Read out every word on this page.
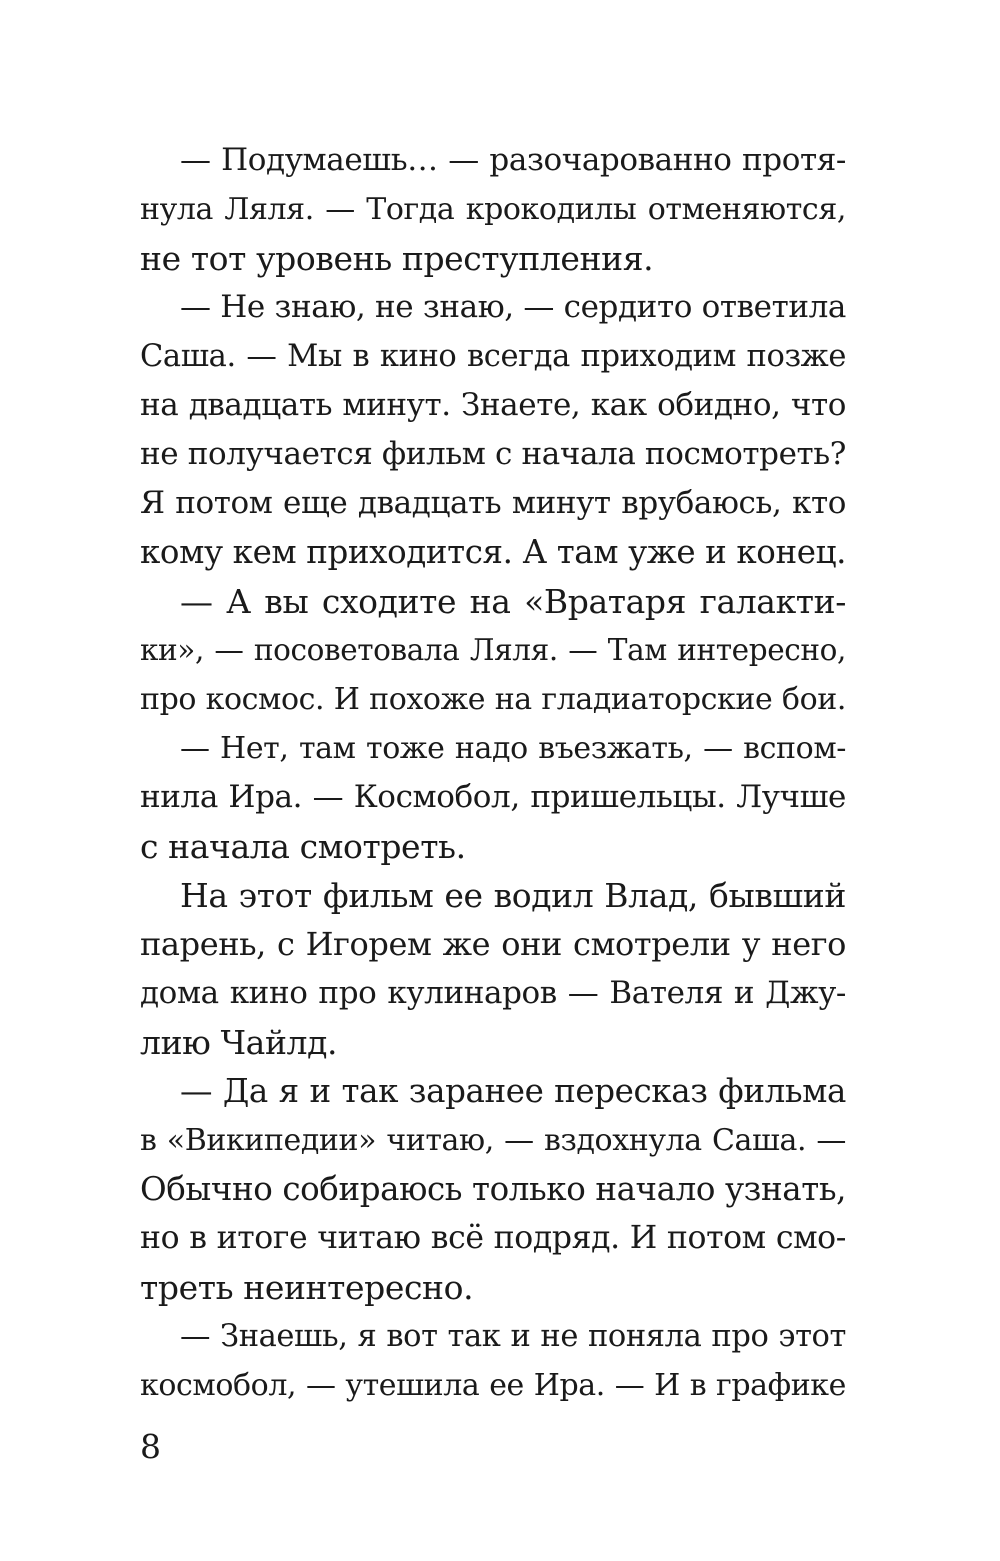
— Подумаешь… — разочарованно протя-
нула Ляля. — Тогда крокодилы отменяются,
не тот уровень преступления.
— Не знаю, не знаю, — сердито ответила
Саша. — Мы в кино всегда приходим позже
на двадцать минут. Знаете, как обидно, что
не получается фильм с начала посмотреть?
Я потом еще двадцать минут врубаюсь, кто
кому кем приходится. А там уже и конец.
— А вы сходите на «Вратаря галакти-
ки», — посоветовала Ляля. — Там интересно,
про космос. И похоже на гладиаторские бои.
— Нет, там тоже надо въезжать, — вспом-
нила Ира. — Космобол, пришельцы. Лучше
с начала смотреть.
На этот фильм ее водил Влад, бывший
парень, с Игорем же они смотрели у него
дома кино про кулинаров — Вателя и Джу-
лию Чайлд.
— Да я и так заранее пересказ фильма
в «Википедии» читаю, — вздохнула Саша. —
Обычно собираюсь только начало узнать,
но в итоге читаю всё подряд. И потом смо-
треть неинтересно.
— Знаешь, я вот так и не поняла про этот
космобол, — утешила ее Ира. — И в графике
8
